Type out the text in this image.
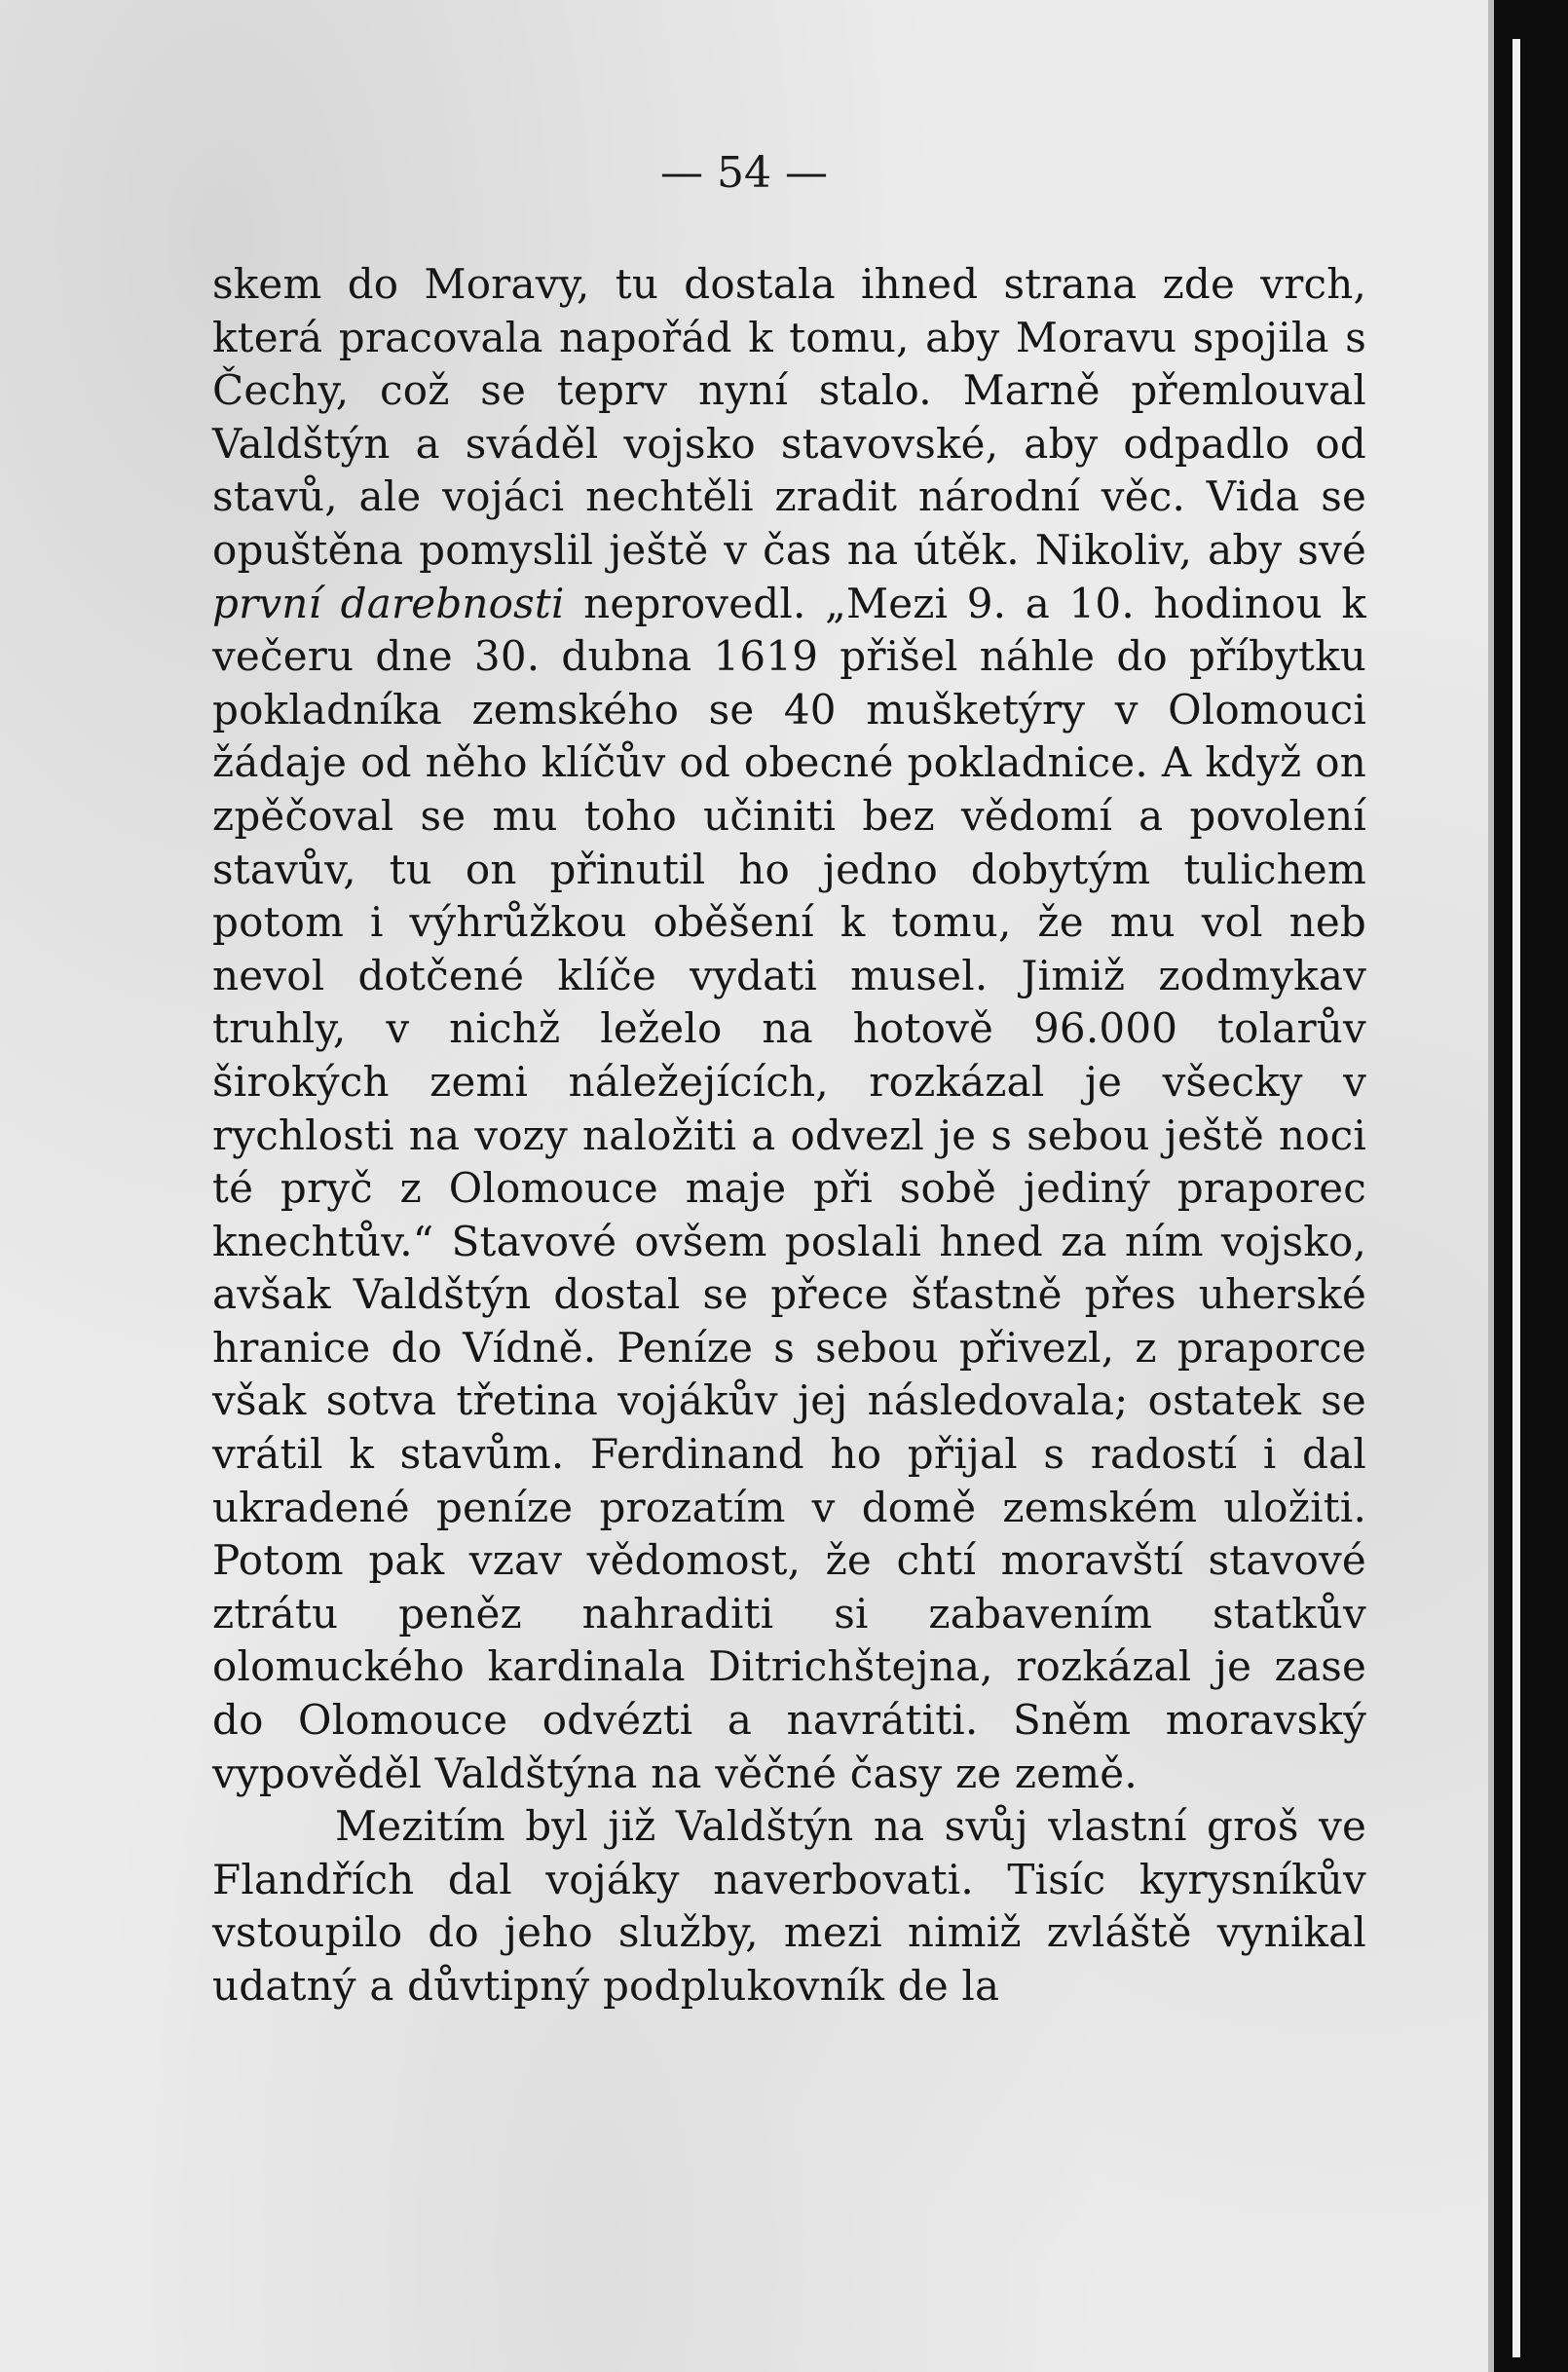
— 54 —

skem do Moravy, tu dostala ihned strana zde vrch, která pracovala napořád k tomu, aby Moravu spojila s Čechy, což se teprv nyní stalo. Marně přemlouval Valdštýn a sváděl vojsko stavovské, aby odpadlo od stavů, ale vojáci nechtěli zradit národní věc. Vida se opuštěna pomyslil ještě v čas na útěk. Nikoliv, aby své první darebnosti neprovedl. „Mezi 9. a 10. hodinou k večeru dne 30. dubna 1619 přišel náhle do příbytku pokladníka zemského se 40 mušketýry v Olomouci žádaje od něho klíčův od obecné pokladnice. A když on zpěčoval se mu toho učiniti bez vědomí a povolení stavův, tu on přinutil ho jedno dobytým tulichem potom i výhrůžkou oběšení k tomu, že mu vol neb nevol dotčené klíče vydati musel. Jimiž zodmykav truhly, v nichž leželo na hotově 96.000 tolarův širokých zemi náležejících, rozkázal je všecky v rychlosti na vozy naložiti a odvezl je s sebou ještě noci té pryč z Olomouce maje při sobě jediný praporec knechtův.“ Stavové ovšem poslali hned za ním vojsko, avšak Valdštýn dostal se přece šťastně přes uherské hranice do Vídně. Peníze s sebou přivezl, z praporce však sotva třetina vojákův jej následovala; ostatek se vrátil k stavům. Ferdinand ho přijal s radostí i dal ukradené peníze prozatím v domě zemském uložiti. Potom pak vzav vědomost, že chtí moravští stavové ztrátu peněz nahraditi si zabavením statkův olomuckého kardinala Ditrichštejna, rozkázal je zase do Olomouce odvézti a navrátiti. Sněm moravský vypověděl Valdštýna na věčné časy ze země.

Mezitím byl již Valdštýn na svůj vlastní groš ve Flandřích dal vojáky naverbovati. Tisíc kyrysníkův vstoupilo do jeho služby, mezi nimiž zvláště vynikal udatný a důvtipný podplukovník de la
